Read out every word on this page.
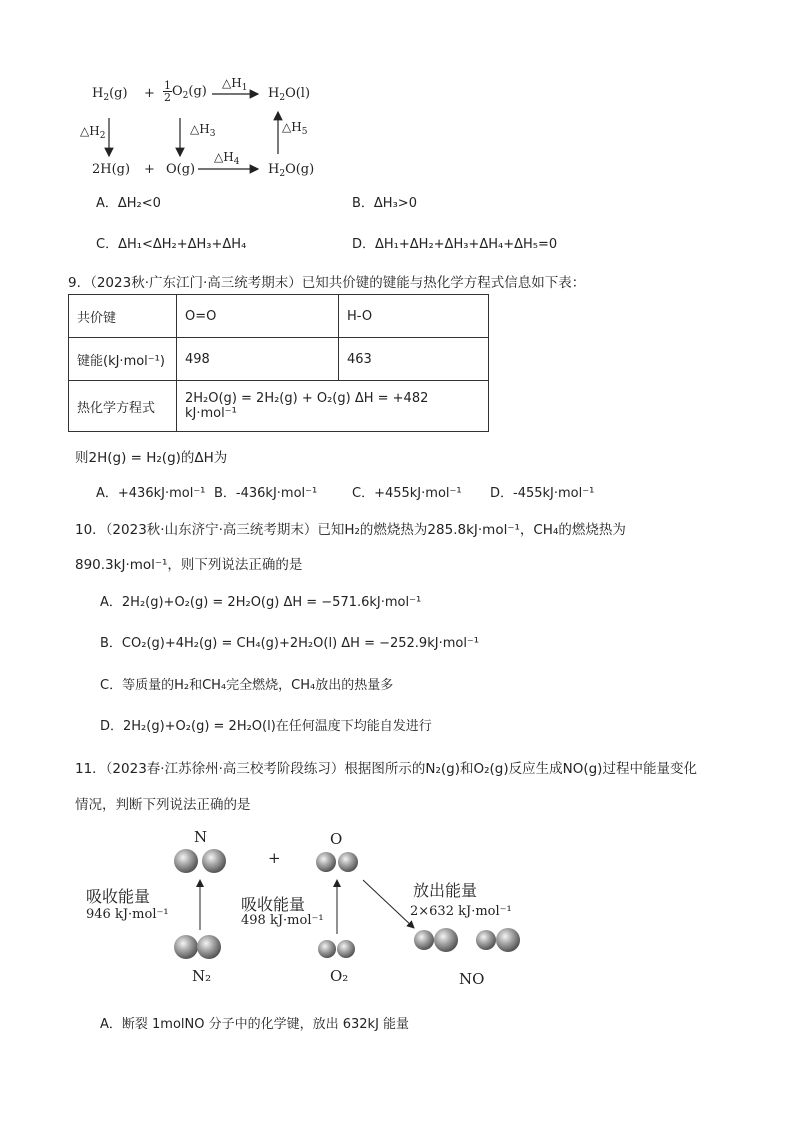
$H_2(g) + \frac{1}{2} O_2(g)$	$H_2O(l)$
$\triangle H_2$	$\triangle H_3$	$\triangle H_5$
$\triangle H_1$
$\triangle H_4$
2H(g) + O(g)	$H_2O(g)$
A．ΔH₂<0	B．ΔH₃>0
C．ΔH₁<ΔH₂+ΔH₃+ΔH₄	D．ΔH₁+ΔH₂+ΔH₃+ΔH₄+ΔH₅=0
9．（2023秋·广东江门·高三统考期末）已知共价键的键能与热化学方程式信息如下表：
共价键	O=O	H-O
键能(kJ·mol⁻¹)	498	463
热化学方程式	2H₂O(g) = 2H₂(g) + O₂(g) ΔH = +482 kJ·mol⁻¹	
则2H(g) = H₂(g)的ΔH为
A．+436kJ·mol⁻¹ B．-436kJ·mol⁻¹	C．+455kJ·mol⁻¹ D．-455kJ·mol⁻¹
10．（2023秋·山东济宁·高三统考期末）已知H₂的燃烧热为285.8kJ·mol⁻¹，CH₄的燃烧热为
890.3kJ·mol⁻¹，则下列说法正确的是
A．2H₂(g)+O₂(g) = 2H₂O(g) ΔH = −571.6kJ·mol⁻¹
B．CO₂(g)+4H₂(g) = CH₄(g)+2H₂O(l) ΔH = −252.9kJ·mol⁻¹
C．等质量的H₂和CH₄完全燃烧，CH₄放出的热量多
D．2H₂(g)+O₂(g) = 2H₂O(l)在任何温度下均能自发进行
11．（2023春·江苏徐州·高三校考阶段练习）根据图所示的N₂(g)和O₂(g)反应生成NO(g)过程中能量变化
情况，判断下列说法正确的是
N
+
O
吸收能量
946 kJ·mol⁻¹
吸收能量
498 kJ·mol⁻¹
放出能量
2×632 kJ·mol⁻¹
N₂	O₂	NO
A．断裂 1molNO 分子中的化学键，放出 632kJ 能量
